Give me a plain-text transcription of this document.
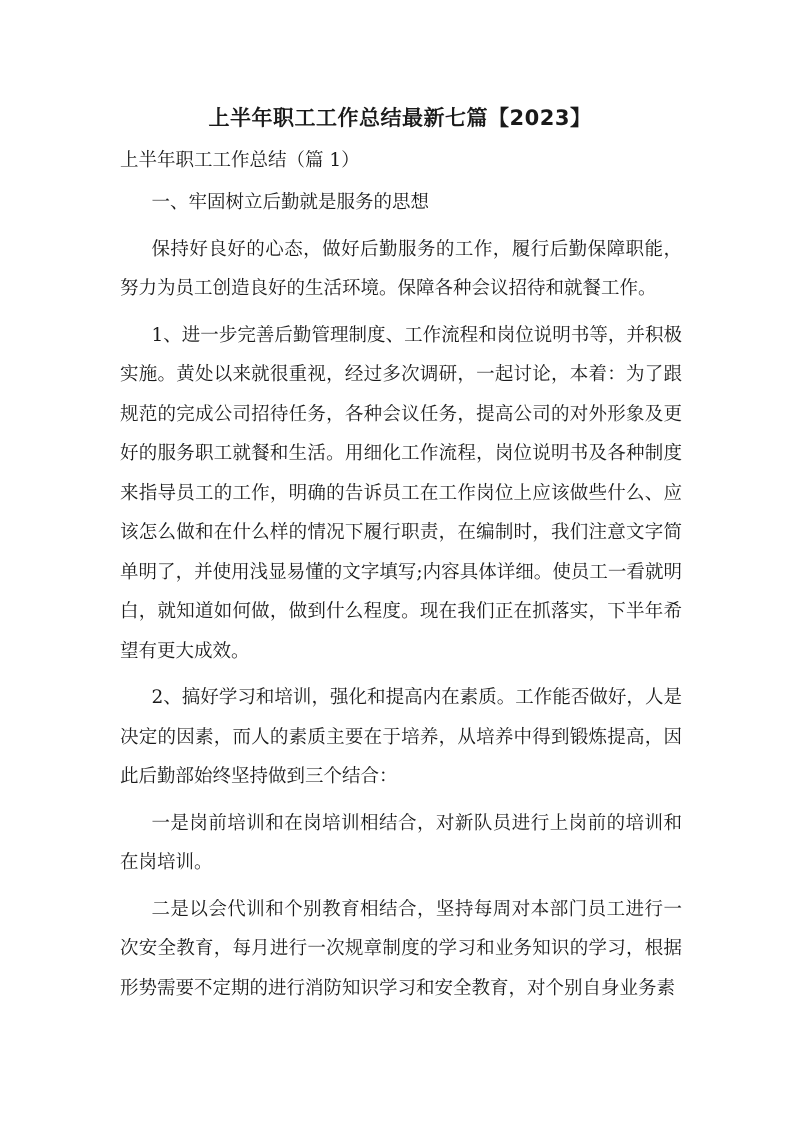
上半年职工工作总结最新七篇【2023】
上半年职工工作总结（篇 1）

一、牢固树立后勤就是服务的思想

保持好良好的心态，做好后勤服务的工作，履行后勤保障职能，努力为员工创造良好的生活环境。保障各种会议招待和就餐工作。

1、进一步完善后勤管理制度、工作流程和岗位说明书等，并积极实施。黄处以来就很重视，经过多次调研，一起讨论，本着：为了跟规范的完成公司招待任务，各种会议任务，提高公司的对外形象及更好的服务职工就餐和生活。用细化工作流程，岗位说明书及各种制度来指导员工的工作，明确的告诉员工在工作岗位上应该做些什么、应该怎么做和在什么样的情况下履行职责，在编制时，我们注意文字简单明了，并使用浅显易懂的文字填写;内容具体详细。使员工一看就明白，就知道如何做，做到什么程度。现在我们正在抓落实，下半年希望有更大成效。

2、搞好学习和培训，强化和提高内在素质。工作能否做好，人是决定的因素，而人的素质主要在于培养，从培养中得到锻炼提高，因此后勤部始终坚持做到三个结合：

一是岗前培训和在岗培训相结合，对新队员进行上岗前的培训和在岗培训。

二是以会代训和个别教育相结合，坚持每周对本部门员工进行一次安全教育，每月进行一次规章制度的学习和业务知识的学习，根据形势需要不定期的进行消防知识学习和安全教育，对个别自身业务素
